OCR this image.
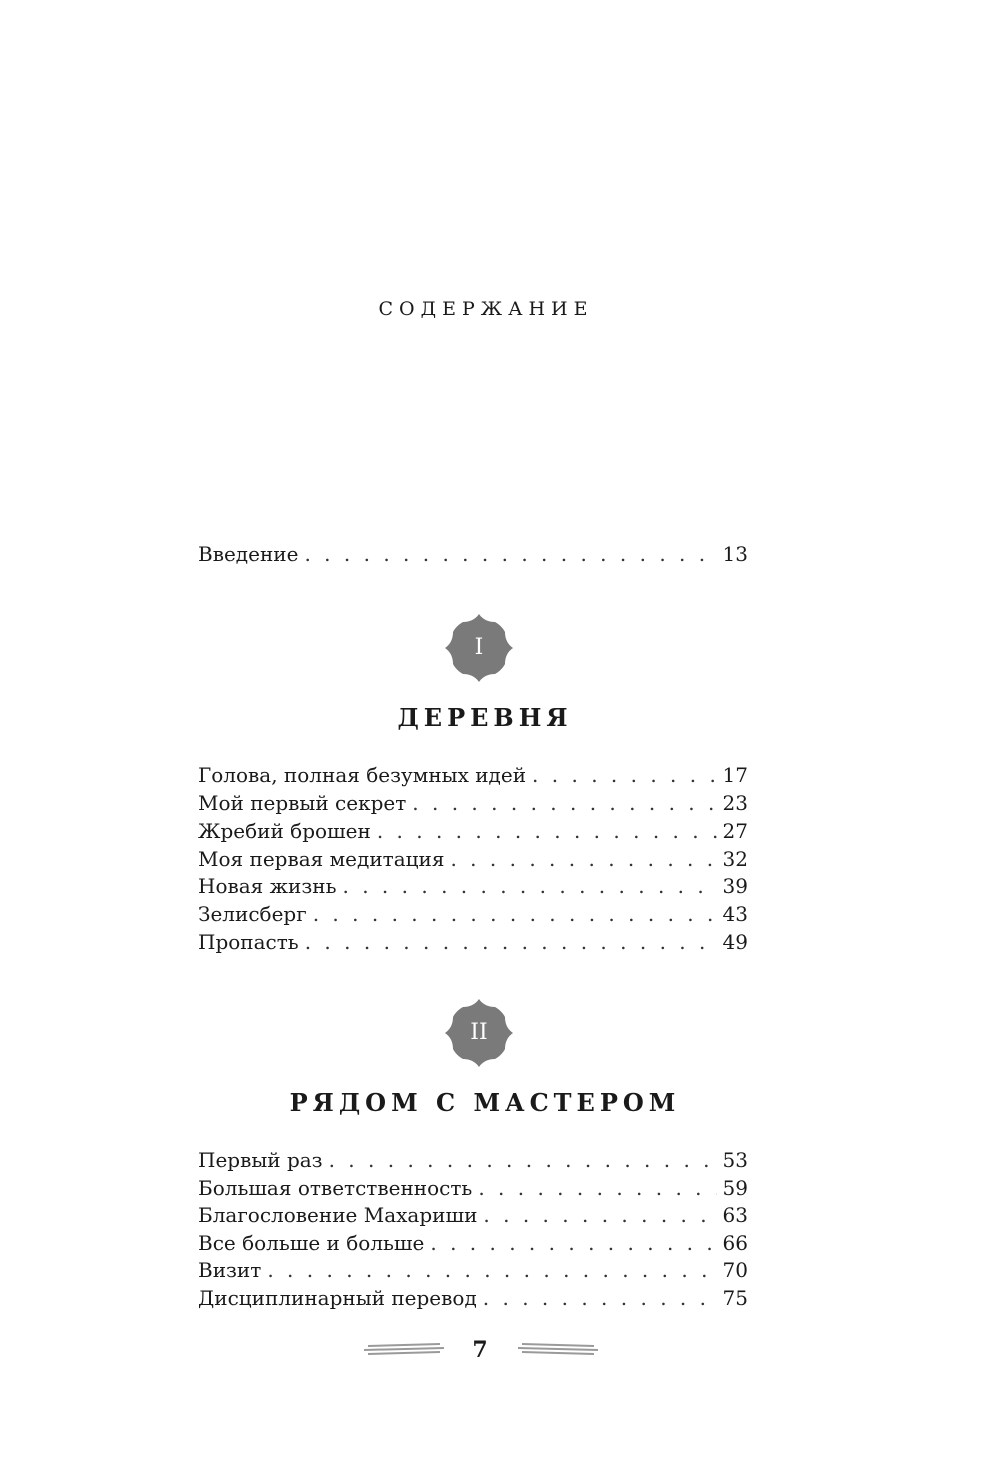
СОДЕРЖАНИЕ
Введение . . .	13
I
ДЕРЕВНЯ
Голова, полная безумных идей . . .	17
Мой первый секрет . . .	23
Жребий брошен . . .	27
Моя первая медитация . . .	32
Новая жизнь . . .	39
Зелисберг . . .	43
Пропасть . . .	49
II
РЯДОМ С МАСТЕРОМ
Первый раз . . .	53
Большая ответственность . . .	59
Благословение Махариши . . .	63
Все больше и больше . . .	66
Визит . . .	70
Дисциплинарный перевод . . .	75
7
